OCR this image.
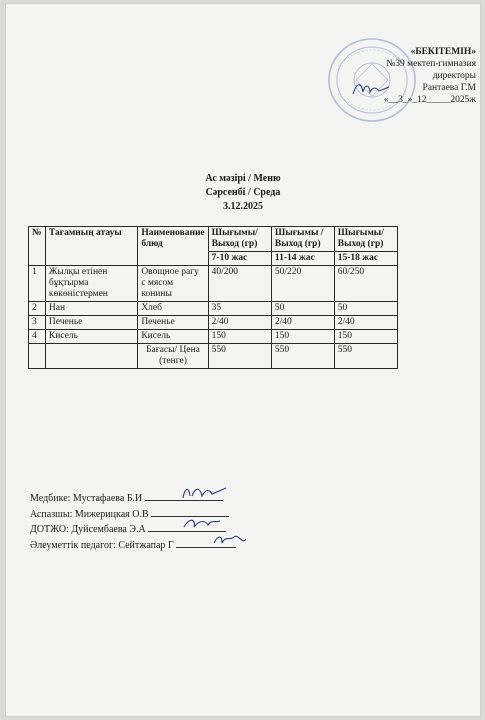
«БЕКІТЕМІН»
№39 мектеп-гимназия
директоры
Рантаева Г.М
«__3_»_12_____2025ж
Ас мәзірі / Меню
Сәрсенбі / Среда
3.12.2025
№	Тағамның атауы	Наименование блюд	Шығымы/ Выход (гр)	Шығымы /Выход (гр)	Шығымы/ Выход (гр)
			7-10 жас	11-14 жас	15-18 жас
1	Жылқы етінен бұқтырма көкөністермен	Овощное рагу с мясом конины	40/200	50/220	60/250
2	Нан	Хлеб	35	50	50
3	Печенье	Печенье	2/40	2/40	2/40
4	Кисель	Кисель	150	150	150
		Бағасы/ Цена (тенге)	550	550	550
Медбике: Мустафаева Б.И
Аспазшы: Мижерицкая О.В
ДОТЖО: Дуйсембаева Э.А
Әлеуметтік педагог: Сейтжапар Г
